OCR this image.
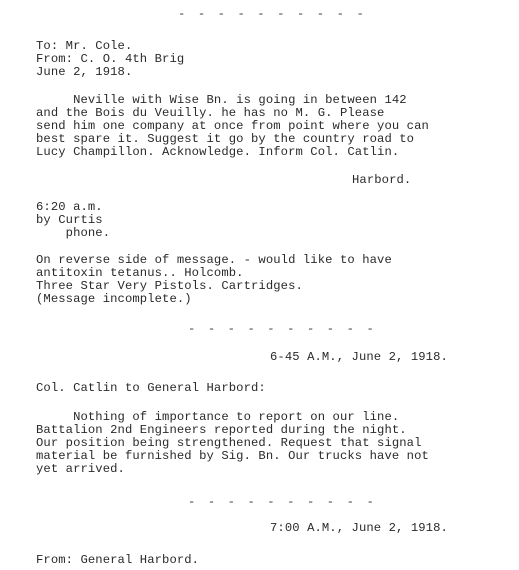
- - - - - - - - - -
To: Mr. Cole.
From: C. O. 4th Brig
June 2, 1918.
Neville with Wise Bn. is going in between 142
and the Bois du Veuilly. he has no M. G. Please
send him one company at once from point where you can
best spare it. Suggest it go by the country road to
Lucy Champillon. Acknowledge. Inform Col. Catlin.
Harbord.
6:20 a.m.
by Curtis
phone.
On reverse side of message. - would like to have
antitoxin tetanus.. Holcomb.
Three Star Very Pistols. Cartridges.
(Message incomplete.)
- - - - - - - - - -
6-45 A.M., June 2, 1918.
Col. Catlin to General Harbord:
Nothing of importance to report on our line.
Battalion 2nd Engineers reported during the night.
Our position being strengthened. Request that signal
material be furnished by Sig. Bn. Our trucks have not
yet arrived.
- - - - - - - - - -
7:00 A.M., June 2, 1918.
From: General Harbord.
